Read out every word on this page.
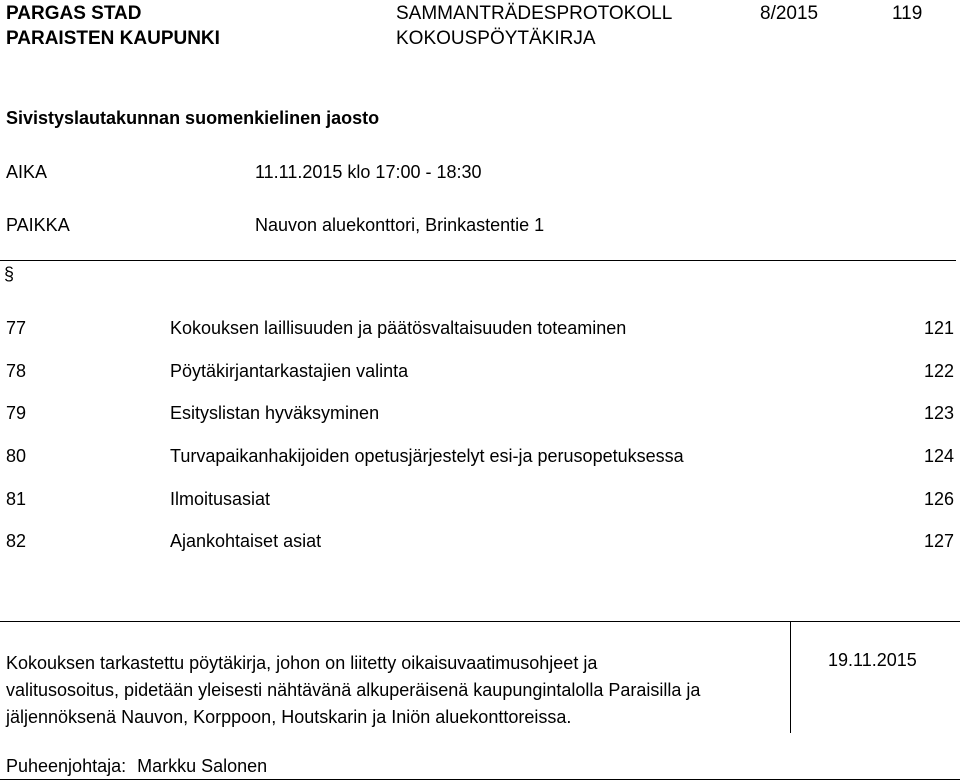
PARGAS STAD
PARAISTEN KAUPUNKI
SAMMANTRÄDESPROTOKOLL
KOKOUSPÖYTÄKIRJA
8/2015	119
Sivistyslautakunnan suomenkielinen jaosto
AIKA	11.11.2015 klo 17:00 - 18:30
PAIKKA	Nauvon aluekonttori, Brinkastentie 1
§
77	Kokouksen laillisuuden ja päätösvaltaisuuden toteaminen	121
78	Pöytäkirjantarkastajien valinta	122
79	Esityslistan hyväksyminen	123
80	Turvapaikanhakijoiden opetusjärjestelyt esi-ja perusopetuksessa	124
81	Ilmoitusasiat	126
82	Ajankohtaiset asiat	127
Kokouksen tarkastettu pöytäkirja, johon on liitetty oikaisuvaatimusohjeet ja
valitusosoitus, pidetään yleisesti nähtävänä alkuperäisenä kaupungintalolla Paraisilla ja
jäljennöksenä Nauvon, Korppoon, Houtskarin ja Iniön aluekonttoreissa.
19.11.2015
Puheenjohtaja: Markku Salonen
